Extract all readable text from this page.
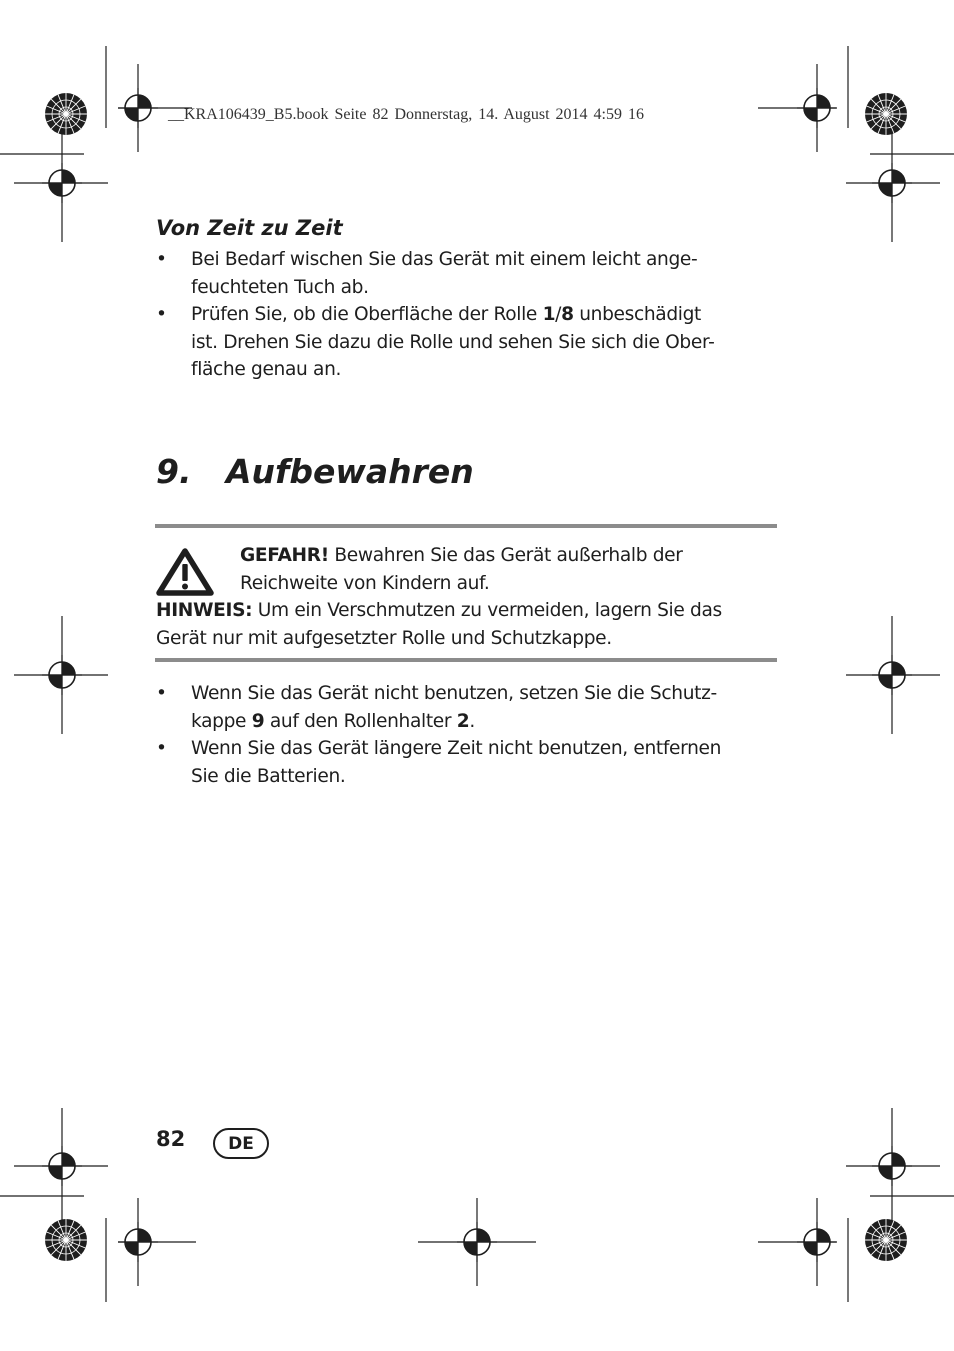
__KRA106439_B5.book Seite 82 Donnerstag, 14. August 2014 4:59 16
Von Zeit zu Zeit
• Bei Bedarf wischen Sie das Gerät mit einem leicht ange-
feuchteten Tuch ab.
• Prüfen Sie, ob die Oberfläche der Rolle 1/8 unbeschädigt
ist. Drehen Sie dazu die Rolle und sehen Sie sich die Ober-
fläche genau an.
9. Aufbewahren
GEFAHR! Bewahren Sie das Gerät außerhalb der
Reichweite von Kindern auf.
HINWEIS: Um ein Verschmutzen zu vermeiden, lagern Sie das
Gerät nur mit aufgesetzter Rolle und Schutzkappe.
• Wenn Sie das Gerät nicht benutzen, setzen Sie die Schutz-
kappe 9 auf den Rollenhalter 2.
• Wenn Sie das Gerät längere Zeit nicht benutzen, entfernen
Sie die Batterien.
82	DE
